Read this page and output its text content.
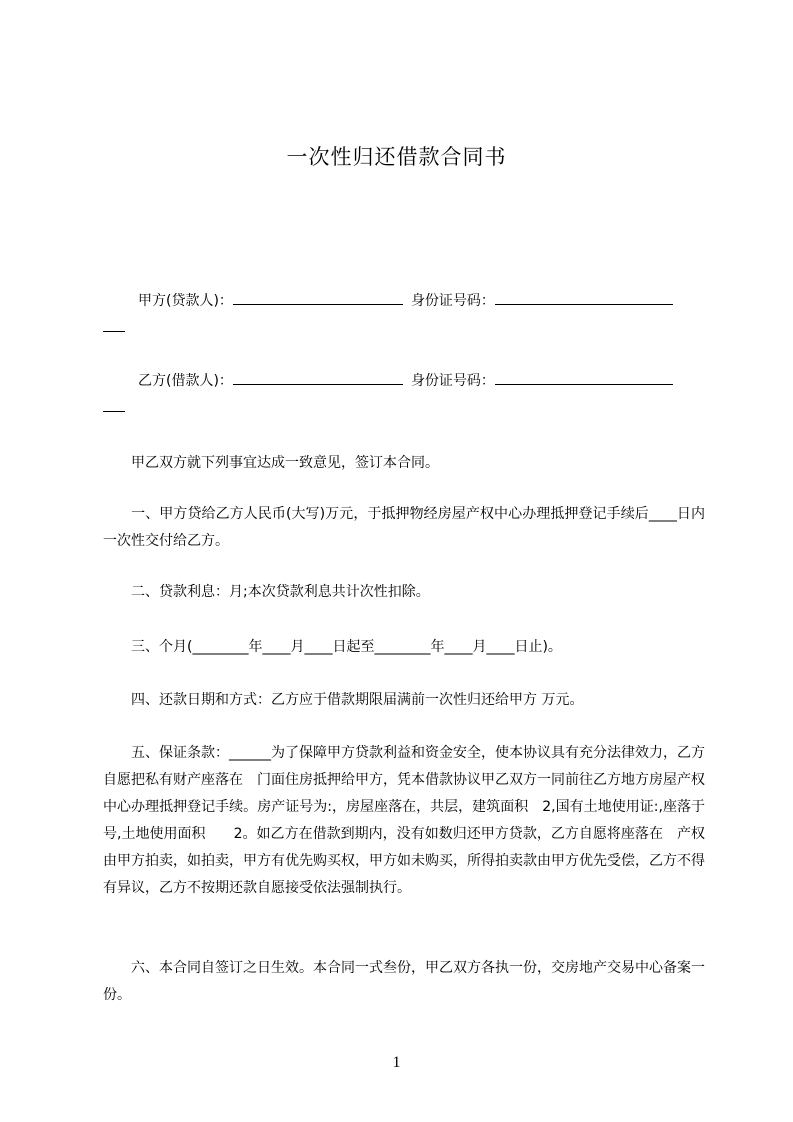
一次性归还借款合同书
甲方(贷款人)：	身份证号码：
乙方(借款人)：	身份证号码：
　　甲乙双方就下列事宜达成一致意见，签订本合同。
　　一、甲方贷给乙方人民币(大写)万元，于抵押物经房屋产权中心办理抵押登记手续后____日内一次性交付给乙方。
　　二、贷款利息：月;本次贷款利息共计次性扣除。
　　三、个月(________年____月____日起至________年____月____日止)。
　　四、还款日期和方式：乙方应于借款期限届满前一次性归还给甲方 万元。
　　五、保证条款：______为了保障甲方贷款利益和资金安全，使本协议具有充分法律效力，乙方自愿把私有财产座落在　门面住房抵押给甲方，凭本借款协议甲乙双方一同前往乙方地方房屋产权中心办理抵押登记手续。房产证号为:，房屋座落在，共层，建筑面积　2,国有土地使用证:,座落于号,土地使用面积　　2。如乙方在借款到期内，没有如数归还甲方贷款，乙方自愿将座落在　产权由甲方拍卖，如拍卖，甲方有优先购买权，甲方如未购买，所得拍卖款由甲方优先受偿，乙方不得有异议，乙方不按期还款自愿接受依法强制执行。
　　六、本合同自签订之日生效。本合同一式叁份，甲乙双方各执一份，交房地产交易中心备案一份。
1
